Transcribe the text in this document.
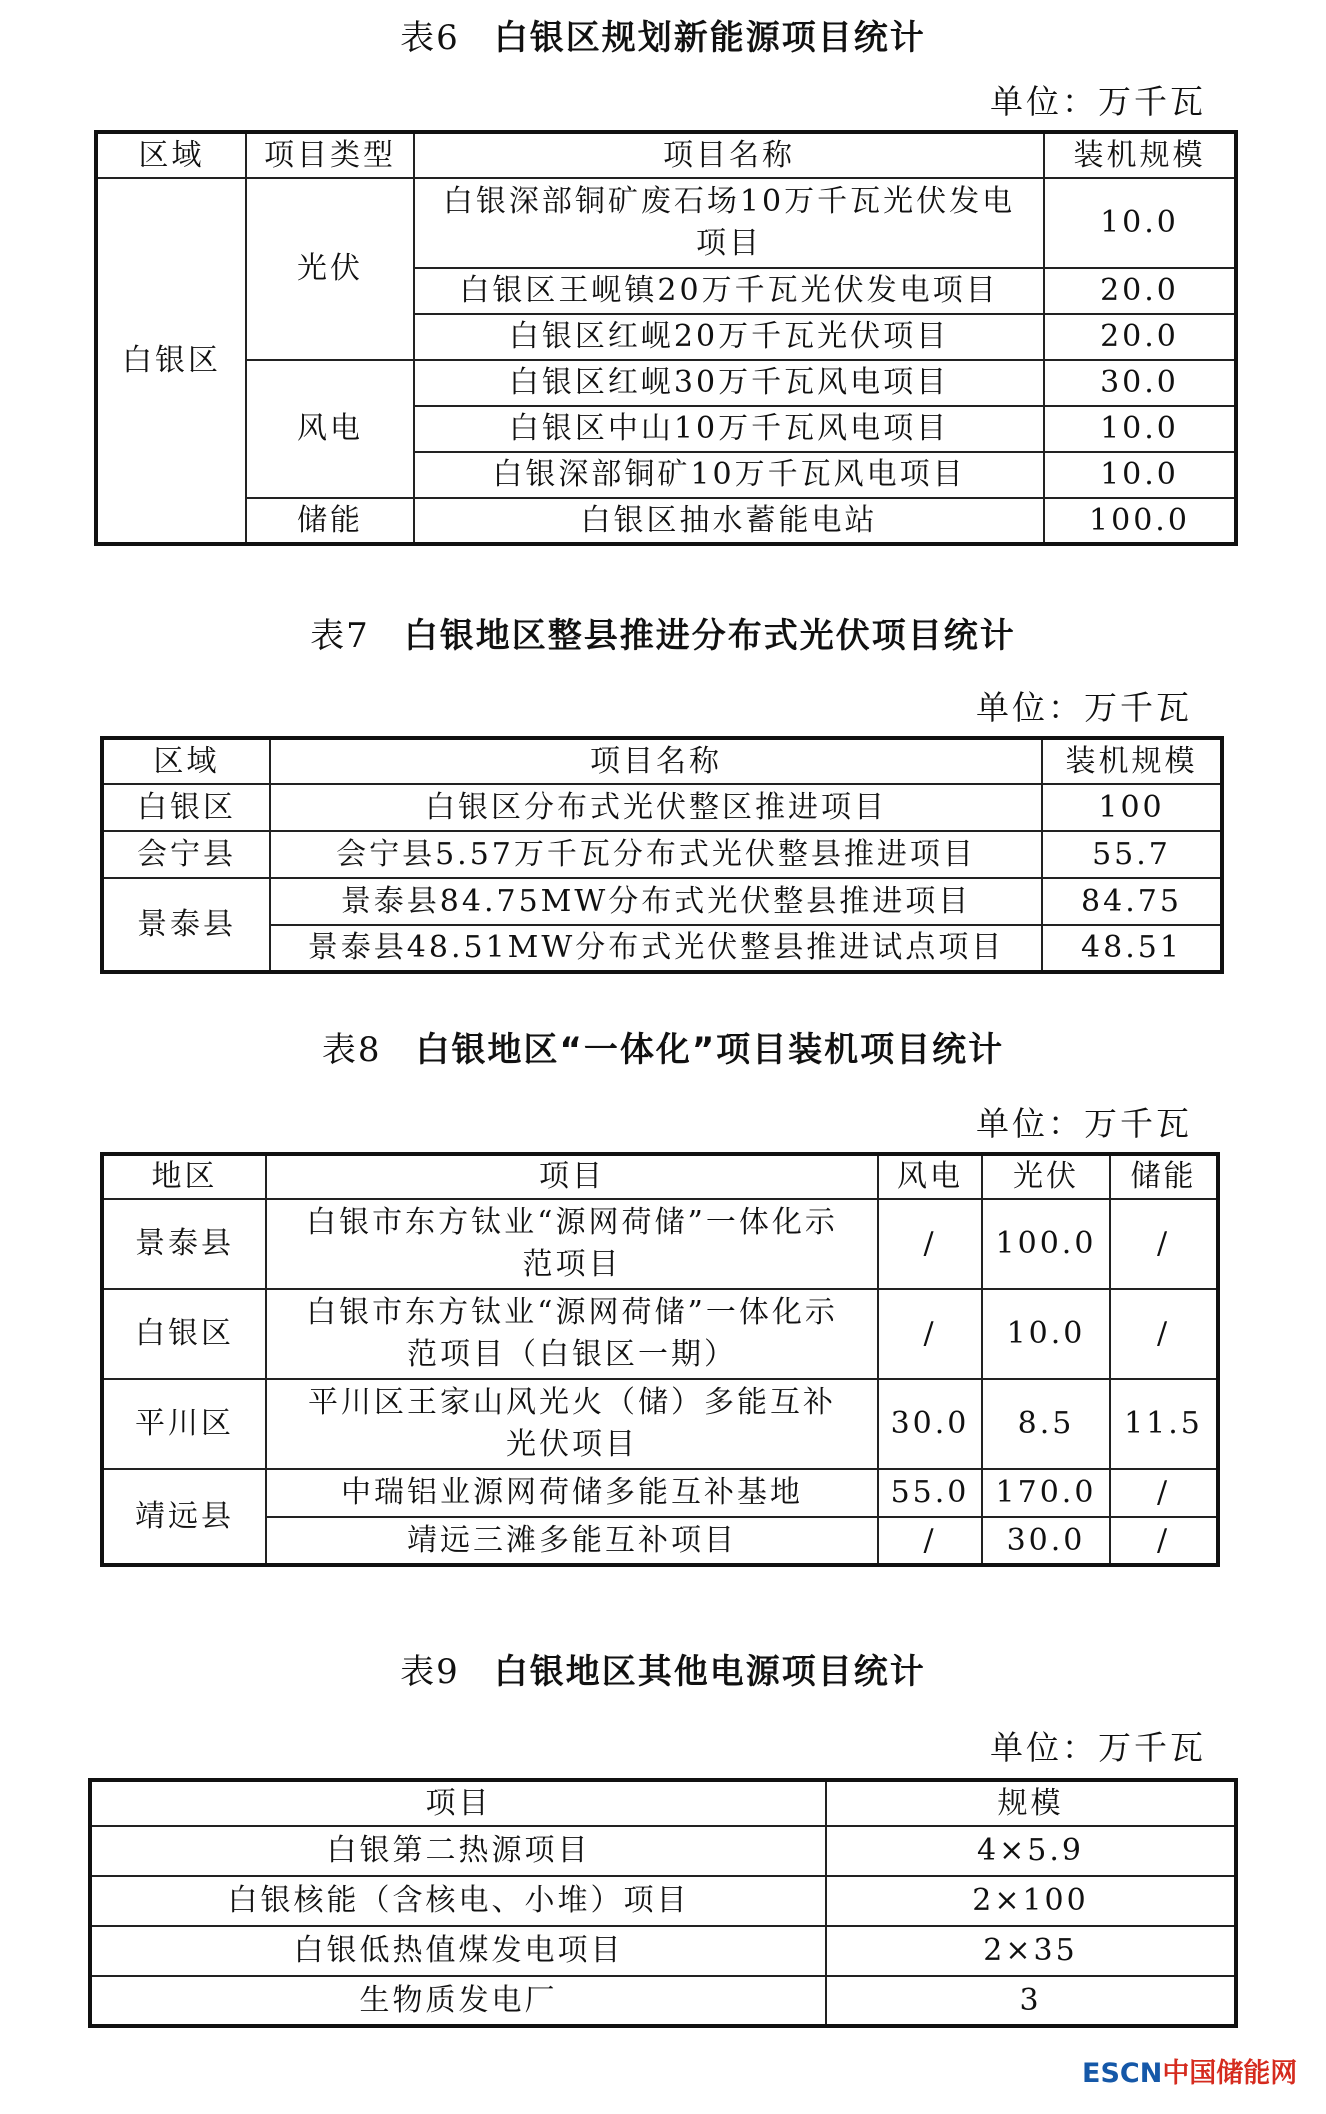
表6 白银区规划新能源项目统计
单位：万千瓦
区域	项目类型	项目名称	装机规模
白银区	光伏	白银深部铜矿废石场10万千瓦光伏发电项目	10.0
		白银区王岘镇20万千瓦光伏发电项目	20.0
		白银区红岘20万千瓦光伏项目	20.0
	风电	白银区红岘30万千瓦风电项目	30.0
		白银区中山10万千瓦风电项目	10.0
		白银深部铜矿10万千瓦风电项目	10.0
	储能	白银区抽水蓄能电站	100.0
表7 白银地区整县推进分布式光伏项目统计
单位：万千瓦
区域	项目名称	装机规模
白银区	白银区分布式光伏整区推进项目	100
会宁县	会宁县5.57万千瓦分布式光伏整县推进项目	55.7
景泰县	景泰县84.75MW分布式光伏整县推进项目	84.75
	景泰县48.51MW分布式光伏整县推进试点项目	48.51
表8 白银地区“一体化”项目装机项目统计
单位：万千瓦
地区	项目	风电	光伏	储能
景泰县	白银市东方钛业“源网荷储”一体化示范项目	/	100.0	/
白银区	白银市东方钛业“源网荷储”一体化示范项目（白银区一期）	/	10.0	/
平川区	平川区王家山风光火（储）多能互补光伏项目	30.0	8.5	11.5
靖远县	中瑞铝业源网荷储多能互补基地	55.0	170.0	/
	靖远三滩多能互补项目	/	30.0	/
表9 白银地区其他电源项目统计
单位：万千瓦
项目	规模
白银第二热源项目	4×5.9
白银核能（含核电、小堆）项目	2×100
白银低热值煤发电项目	2×35
生物质发电厂	3
ESCN中国储能网
